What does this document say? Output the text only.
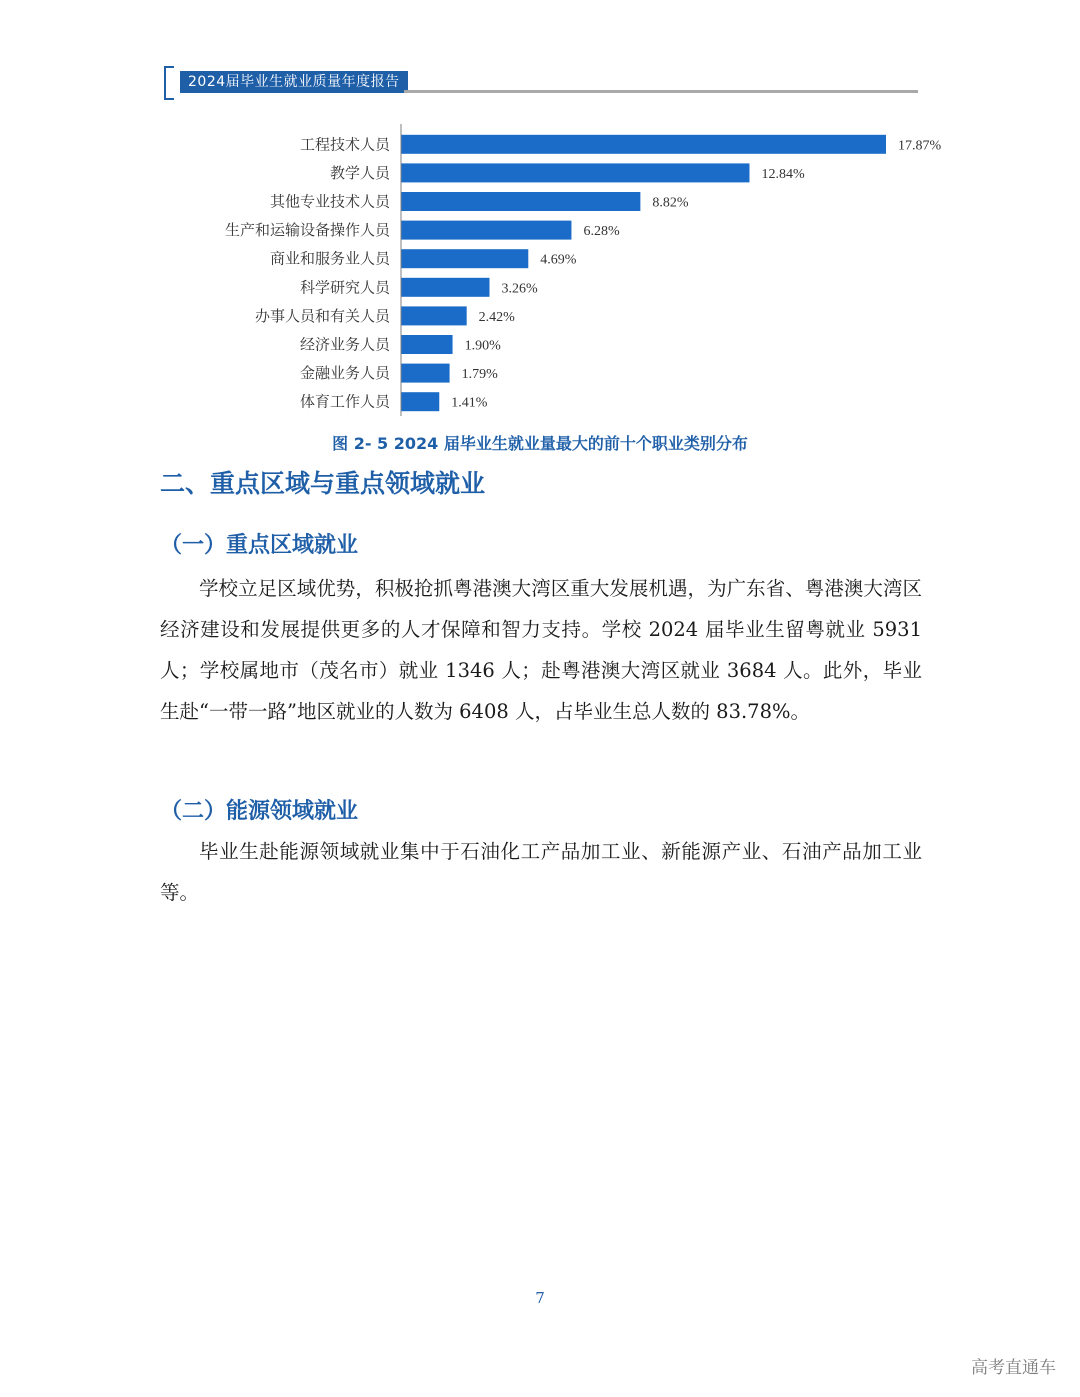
2024届毕业生就业质量年度报告
工程技术人员	17.87%
教学人员	12.84%
其他专业技术人员	8.82%
生产和运输设备操作人员	6.28%
商业和服务业人员	4.69%
科学研究人员	3.26%
办事人员和有关人员	2.42%
经济业务人员	1.90%
金融业务人员	1.79%
体育工作人员	1.41%
图 2- 5 2024 届毕业生就业量最大的前十个职业类别分布
二、重点区域与重点领域就业
（一）重点区域就业

学校立足区域优势，积极抢抓粤港澳大湾区重大发展机遇，为广东省、粤港澳大湾区经济建设和发展提供更多的人才保障和智力支持。学校 2024 届毕业生留粤就业 5931 人；学校属地市（茂名市）就业 1346 人；赴粤港澳大湾区就业 3684 人。此外，毕业生赴“一带一路”地区就业的人数为 6408 人，占毕业生总人数的 83.78%。

（二）能源领域就业

毕业生赴能源领域就业集中于石油化工产品加工业、新能源产业、石油产品加工业等。

7
高考直通车
